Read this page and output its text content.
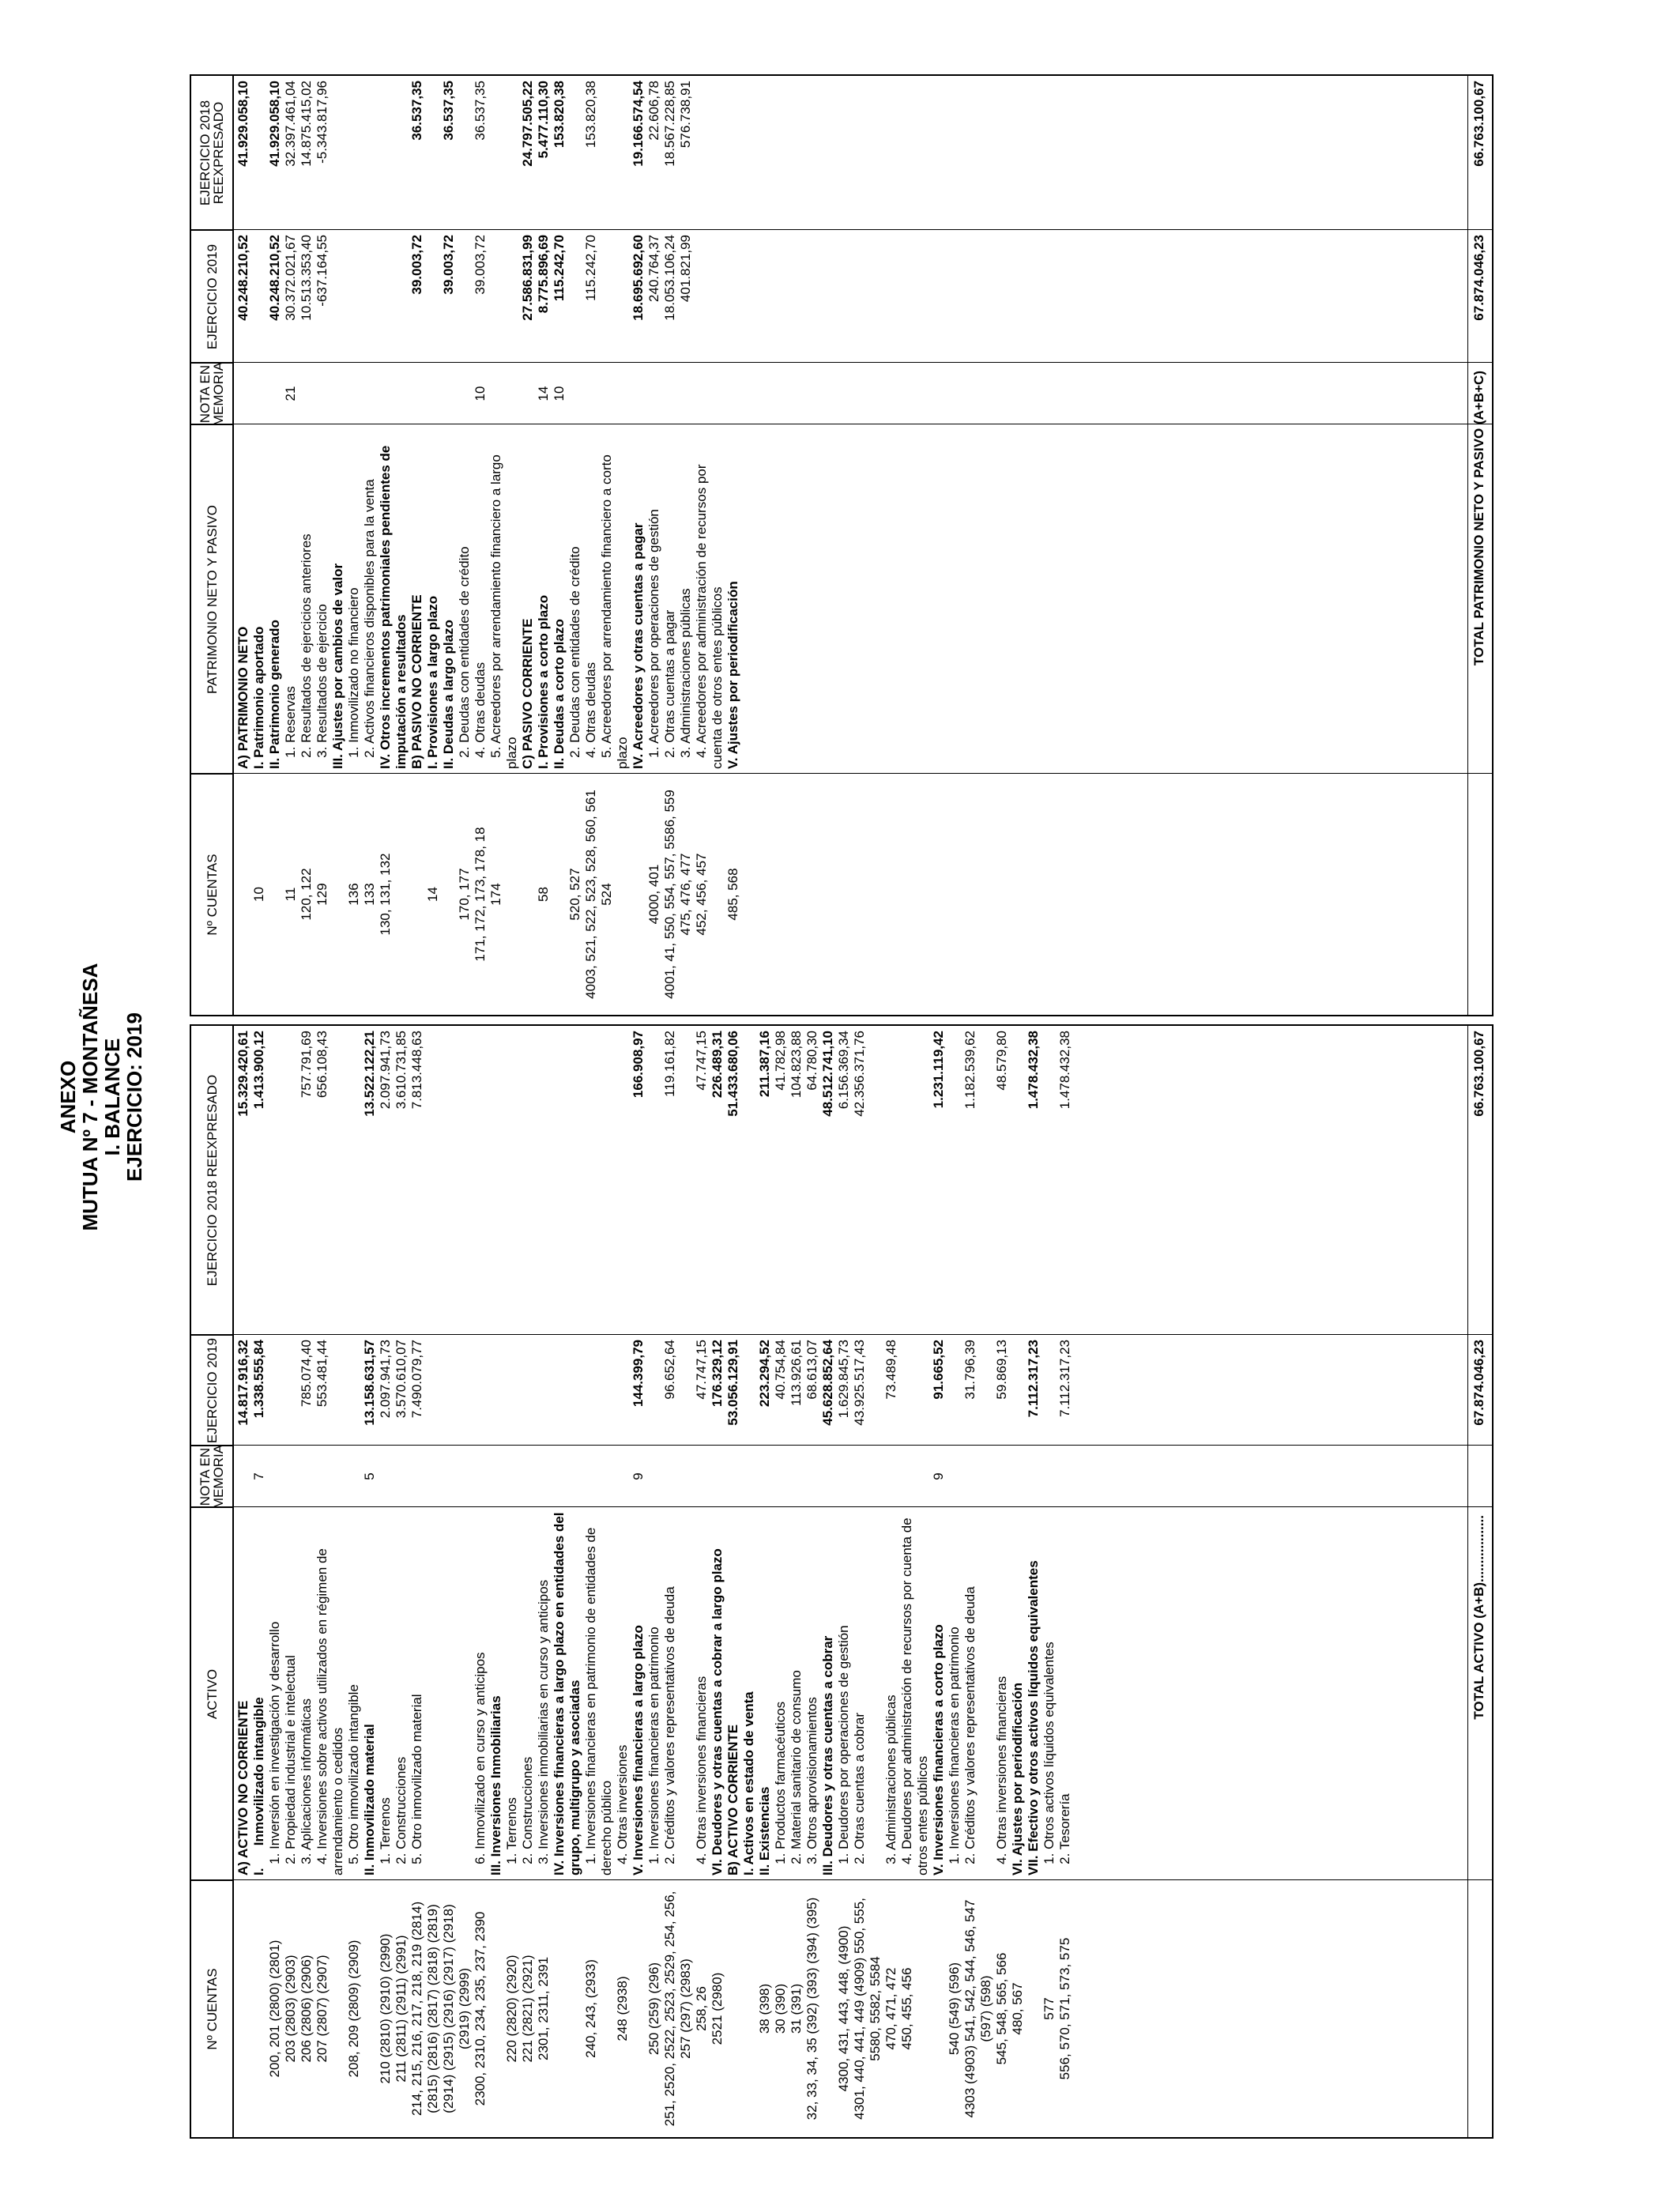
ANEXO
MUTUA Nº 7 - MONTAÑESA
I. BALANCE
EJERCICIO: 2019
Nº CUENTAS
ACTIVO
NOTA EN MEMORIA
EJERCICIO 2019
EJERCICIO 2018 REEXPRESADO
A) ACTIVO NO CORRIENTE
14.817.916,32
15.329.420,61
I.      Inmovilizado intangible
7
1.338.555,84
1.413.900,12
200, 201 (2800) (2801)
1. Inversión en investigación y desarrollo
203 (2803) (2903)
2. Propiedad industrial e intelectual
206 (2806) (2906)
3. Aplicaciones informáticas
785.074,40
757.791,69
207 (2807) (2907)
4. Inversiones sobre activos utilizados en régimen de arrendamiento o cedidos
553.481,44
656.108,43
208, 209 (2809) (2909)
5. Otro inmovilizado intangible II. Inmovilizado material
5
13.158.631,57
13.522.122,21
210 (2810) (2910) (2990)
1. Terrenos
2.097.941,73
2.097.941,73
211 (2811) (2911) (2991)
2. Construcciones
3.570.610,07
3.610.731,85
214, 215, 216, 217, 218, 219 (2814) (2815) (2816) (2817) (2818) (2819) (2914) (2915) (2916) (2917) (2918) (2919) (2999)
5. Otro inmovilizado material
7.490.079,77
7.813.448,63
2300, 2310, 234, 235, 237, 2390
6. Inmovilizado en curso y anticipos III. Inversiones Inmobiliarias
220 (2820) (2920)
1. Terrenos
221 (2821) (2921)
2. Construcciones
2301, 2311, 2391
3. Inversiones inmobiliarias en curso y anticipos IV. Inversiones financieras a largo plazo en entidades del grupo, multigrupo y asociadas
240, 243, (2933)
1. Inversiones financieras en patrimonio de entidades de derecho público
248 (2938)
4. Otras inversiones V. Inversiones financieras a largo plazo
9
144.399,79
166.908,97
250 (259) (296)
1. Inversiones financieras en patrimonio
251, 2520, 2522, 2523, 2529, 254, 256, 257 (297) (2983)
2. Créditos y valores representativos de deuda
96.652,64
119.161,82
258, 26
4. Otras inversiones financieras
47.747,15
47.747,15
2521 (2980)
VI. Deudores y otras cuentas a cobrar a largo plazo
176.329,12
226.489,31
B) ACTIVO CORRIENTE
53.056.129,91
51.433.680,06
I. Activos en estado de venta
38 (398)
II. Existencias
223.294,52
211.387,16
30 (390)
1. Productos farmacéuticos
40.754,84
41.782,98
31 (391)
2. Material sanitario de consumo
113.926,61
104.823,88
32, 33, 34, 35 (392) (393) (394) (395)
3. Otros aprovisionamientos
68.613,07
64.780,30
III. Deudores y otras cuentas a cobrar
45.628.852,64
48.512.741,10
4300, 431, 443, 448, (4900)
1. Deudores por operaciones de gestión
1.629.845,73
6.156.369,34
4301, 440, 441, 449 (4909) 550, 555, 5580, 5582, 5584
2. Otras cuentas a cobrar
43.925.517,43
42.356.371,76
470, 471, 472
3. Administraciones públicas
73.489,48
450, 455, 456
4. Deudores por administración de recursos por cuenta de otros entes públicos V. Inversiones financieras a corto plazo
9
91.665,52
1.231.119,42
540 (549) (596)
1. Inversiones financieras en patrimonio
4303 (4903) 541, 542, 544, 546, 547 (597) (598)
2. Créditos y valores representativos de deuda
31.796,39
1.182.539,62
545, 548, 565, 566
4. Otras inversiones financieras
59.869,13
48.579,80
480, 567
VI. Ajustes por periodificación VII. Efectivo y otros activos líquidos equivalentes
7.112.317,23
1.478.432,38
577
1. Otros activos líquidos equivalentes
556, 570, 571, 573, 575
2. Tesorería
7.112.317,23
1.478.432,38
TOTAL ACTIVO (A+B)..................
67.874.046,23
66.763.100,67
Nº CUENTAS
PATRIMONIO NETO Y PASIVO
NOTA EN MEMORIA
EJERCICIO 2019
EJERCICIO 2018 REEXPRESADO
A) PATRIMONIO NETO
40.248.210,52
41.929.058,10
10
I. Patrimonio aportado II. Patrimonio generado
40.248.210,52
41.929.058,10
11
1. Reservas
21
30.372.021,67
32.397.461,04
120, 122
2. Resultados de ejercicios anteriores
10.513.353,40
14.875.415,02
129
3. Resultados de ejercicio
-637.164,55
-5.343.817,96
III. Ajustes por cambios de valor
136
1. Inmovilizado no financiero
133
2. Activos financieros disponibles para la venta
130, 131, 132
IV. Otros incrementos patrimoniales pendientes de imputación a resultados B) PASIVO NO CORRIENTE
39.003,72
36.537,35
14
I. Provisiones a largo plazo II. Deudas a largo plazo
39.003,72
36.537,35
170, 177
2. Deudas con entidades de crédito
171, 172, 173, 178, 18
4. Otras deudas
10
39.003,72
36.537,35
174
5. Acreedores por arrendamiento financiero a largo plazo C) PASIVO CORRIENTE
27.586.831,99
24.797.505,22
58
I. Provisiones a corto plazo
14
8.775.896,69
5.477.110,30
II. Deudas a corto plazo
10
115.242,70
153.820,38
520, 527
2. Deudas con entidades de crédito
4003, 521, 522, 523, 528, 560, 561
4. Otras deudas
115.242,70
153.820,38
524
5. Acreedores por arrendamiento financiero a corto plazo IV. Acreedores y otras cuentas a pagar
18.695.692,60
19.166.574,54
4000, 401
1. Acreedores por operaciones de gestión
240.764,37
22.606,78
4001, 41, 550, 554, 557, 5586, 559
2. Otras cuentas a pagar
18.053.106,24
18.567.228,85
475, 476, 477
3. Administraciones públicas
401.821,99
576.738,91
452, 456, 457
4. Acreedores por administración de recursos por cuenta de otros entes públicos
485, 568
V. Ajustes por periodificación
TOTAL PATRIMONIO NETO Y PASIVO (A+B+C)
67.874.046,23
66.763.100,67
